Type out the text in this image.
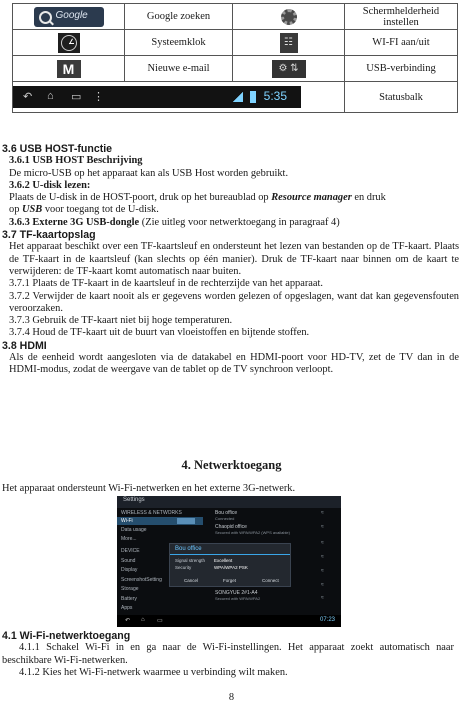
Google	Google zoeken		Schermhelderheid instellen

	Systeemklok	☷	WI-FI aan/uit
M	Nieuwe e-mail	⚙ ⇅	USB-verbinding

↶ ⌂ ▭ ⋮ 5:35			Statusbalk

3.6 USB HOST-functie

3.6.1 USB HOST Beschrijving

De micro-USB op het apparaat kan als USB Host worden gebruikt.

3.6.2 U-disk lezen:

Plaats de U-disk in de HOST-poort, druk op het bureaublad op Resource manager en druk
op USB voor toegang tot de U-disk.

3.6.3 Externe 3G USB-dongle (Zie uitleg voor netwerktoegang in paragraaf 4)

3.7 TF-kaartopslag

Het apparaat beschikt over een TF-kaartsleuf en ondersteunt het lezen van bestanden op de TF-kaart. Plaats de TF-kaart in de kaartsleuf (kan slechts op één manier). Druk de TF-kaart naar binnen om de kaart te verwijderen: de TF-kaart komt automatisch naar buiten.

3.7.1 Plaats de TF-kaart in de kaartsleuf in de rechterzijde van het apparaat.

3.7.2 Verwijder de kaart nooit als er gegevens worden gelezen of opgeslagen, want dat kan gegevensfouten veroorzaken.

3.7.3 Gebruik de TF-kaart niet bij hoge temperaturen.

3.7.4 Houd de TF-kaart uit de buurt van vloeistoffen en bijtende stoffen.

3.8 HDMI

Als de eenheid wordt aangesloten via de datakabel en HDMI-poort voor HD-TV, zet de TV dan in de HDMI-modus, zodat de weergave van de tablet op de TV synchroon verloopt.

4. Netwerktoegang
Het apparaat ondersteunt Wi-Fi-netwerken en het externe 3G-netwerk.
Settings
WIRELESS & NETWORKS
Wi-Fi
Data usage
More...
DEVICE
Sound
Display
ScreenshotSetting
Storage
Battery
Apps
Bou office
Connected
Chaopid office
Secured with WPA/WPA2 (WPS available)
SONGYUE 2#1-A4
Secured with WPA/WPA2
≈
≈
≈
≈
≈
≈
≈
Bou office
Signal strength Excellent
Security	WPA/WPA2 PSK
Cancel	Forget	Connect
↶ ⌂ ▭	07:23

4.1 Wi-Fi-netwerktoegang

4.1.1 Schakel Wi-Fi in en ga naar de Wi-Fi-instellingen. Het apparaat zoekt automatisch naar beschikbare Wi-Fi-netwerken.

4.1.2 Kies het Wi-Fi-netwerk waarmee u verbinding wilt maken.

8
